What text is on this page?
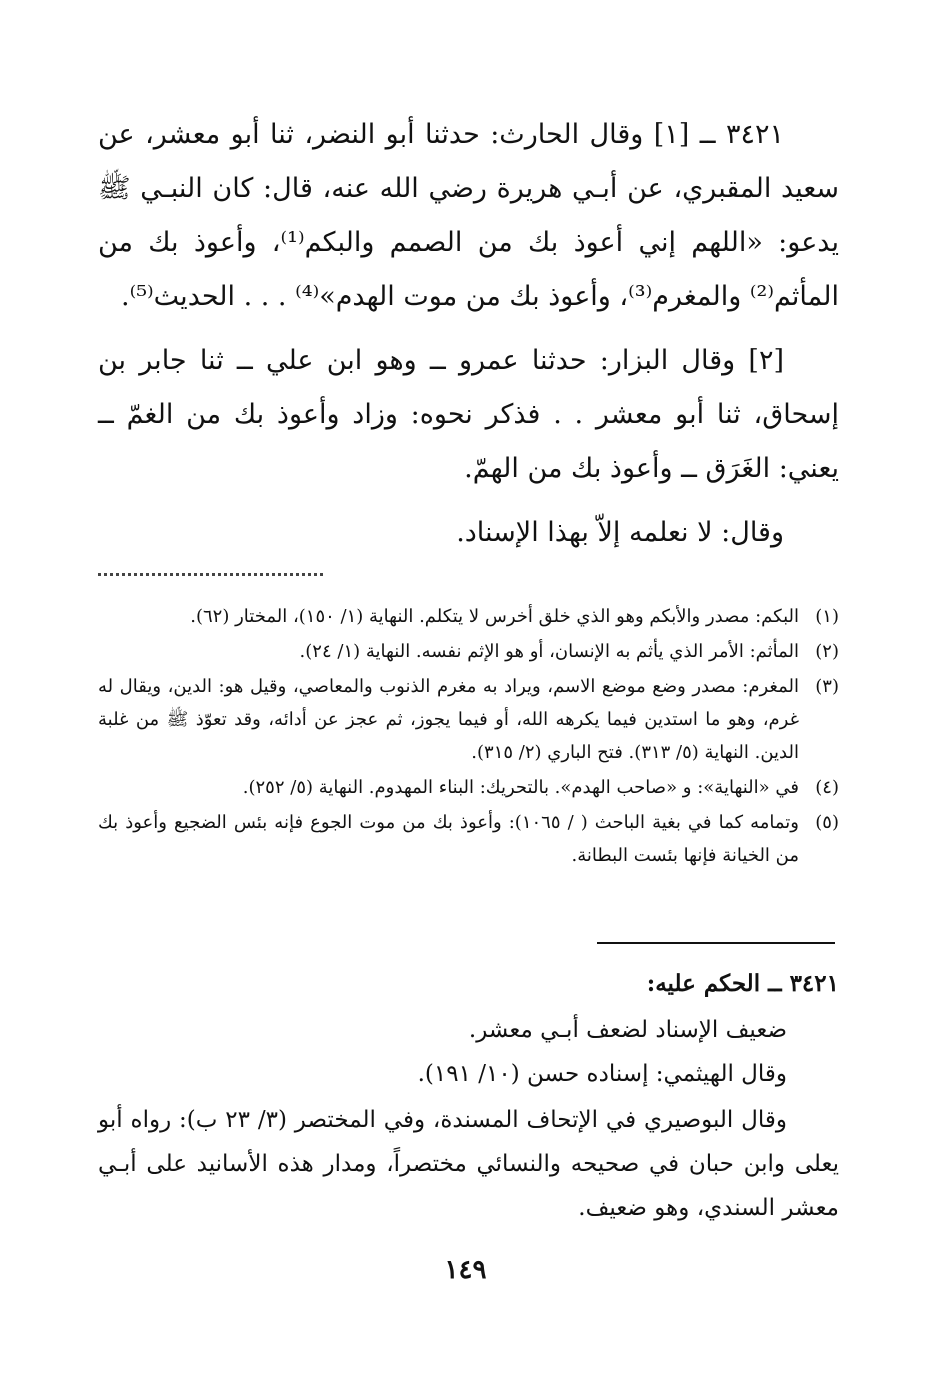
٣٤٢١ ــ [١] وقال الحارث: حدثنا أبو النضر، ثنا أبو معشر، عن سعيد المقبري، عن أبـي هريرة رضي الله عنه، قال: كان النبـي ﷺ يدعو: «اللهم إني أعوذ بك من الصمم والبكم⁽¹⁾، وأعوذ بك من المأثم⁽²⁾ والمغرم⁽³⁾، وأعوذ بك من موت الهدم»⁽⁴⁾ . . . الحديث⁽⁵⁾.

[٢] وقال البزار: حدثنا عمرو ــ وهو ابن علي ــ ثنا جابر بن إسحاق، ثنا أبو معشر . . فذكر نحوه: وزاد وأعوذ بك من الغمّ ــ يعني: الغَرَق ــ وأعوذ بك من الهمّ.

وقال: لا نعلمه إلاّ بهذا الإسناد.

(١)
البكم: مصدر والأبكم وهو الذي خلق أخرس لا يتكلم. النهاية (١/ ١٥٠)، المختار (٦٢).
(٢)
المأثم: الأمر الذي يأثم به الإنسان، أو هو الإثم نفسه. النهاية (١/ ٢٤).
(٣)
المغرم: مصدر وضع موضع الاسم، ويراد به مغرم الذنوب والمعاصي، وقيل هو: الدين، ويقال له غرم، وهو ما استدين فيما يكرهه الله، أو فيما يجوز، ثم عجز عن أدائه، وقد تعوّذ ﷺ من غلبة الدين. النهاية (٥/ ٣١٣). فتح الباري (٢/ ٣١٥).
(٤)
في «النهاية»: و «صاحب الهدم». بالتحريك: البناء المهدوم. النهاية (٥/ ٢٥٢).
(٥)
وتمامه كما في بغية الباحث ( / ١٠٦٥): وأعوذ بك من موت الجوع فإنه بئس الضجيع وأعوذ بك من الخيانة فإنها بئست البطانة.

٣٤٢١ ــ الحكم عليه:

ضعيف الإسناد لضعف أبـي معشر.

وقال الهيثمي: إسناده حسن (١٠/ ١٩١).

وقال البوصيري في الإتحاف المسندة، وفي المختصر (٣/ ٢٣ ب): رواه أبو يعلى وابن حبان في صحيحه والنسائي مختصراً، ومدار هذه الأسانيد على أبـي معشر السندي، وهو ضعيف.

١٤٩
